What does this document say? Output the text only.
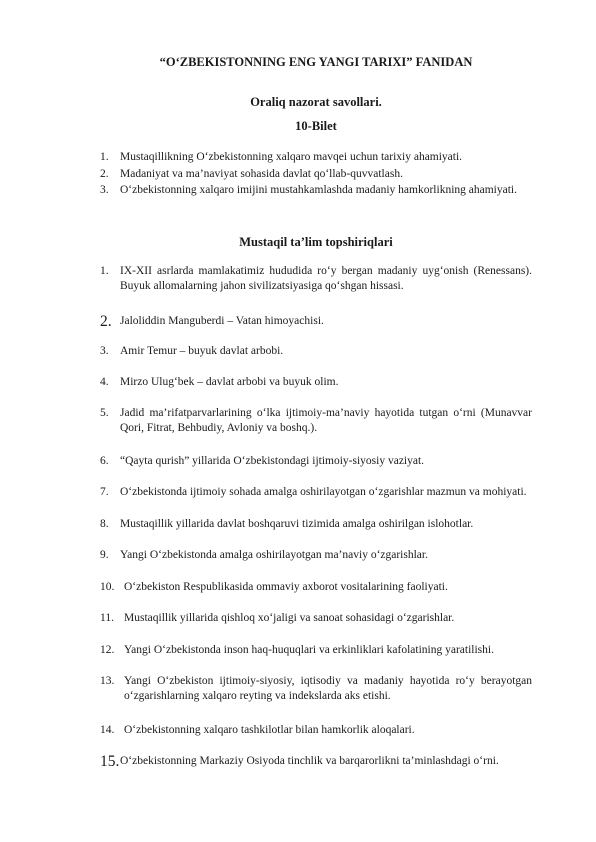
“O‘ZBEKISTONNING ENG YANGI TARIXI” FANIDAN
Oraliq nazorat savollari.
10-Bilet
1. Mustaqillikning O‘zbekistonning xalqaro mavqei uchun tarixiy ahamiyati.
2. Madaniyat va ma’naviyat sohasida davlat qo‘llab-quvvatlash.
3. O‘zbekistonning xalqaro imijini mustahkamlashda madaniy hamkorlikning ahamiyati.
Mustaqil ta’lim topshiriqlari
1. IX-XII asrlarda mamlakatimiz hududida ro‘y bergan madaniy uyg‘onish (Renessans). Buyuk allomalarning jahon sivilizatsiyasiga qo‘shgan hissasi.
2. Jaloliddin Manguberdi – Vatan himoyachisi.
3. Amir Temur – buyuk davlat arbobi.
4. Mirzo Ulug‘bek – davlat arbobi va buyuk olim.
5. Jadid ma’rifatparvarlarining o‘lka ijtimoiy-ma’naviy hayotida tutgan o‘rni (Munavvar Qori, Fitrat, Behbudiy, Avloniy va boshq.).
6. “Qayta qurish” yillarida O‘zbekistondagi ijtimoiy-siyosiy vaziyat.
7. O‘zbekistonda ijtimoiy sohada amalga oshirilayotgan o‘zgarishlar mazmun va mohiyati.
8. Mustaqillik yillarida davlat boshqaruvi tizimida amalga oshirilgan islohotlar.
9. Yangi O‘zbekistonda amalga oshirilayotgan ma’naviy o‘zgarishlar.
10. O‘zbekiston Respublikasida ommaviy axborot vositalarining faoliyati.
11. Mustaqillik yillarida qishloq xo‘jaligi va sanoat sohasidagi o‘zgarishlar.
12. Yangi O‘zbekistonda inson haq-huquqlari va erkinliklari kafolatining yaratilishi.
13. Yangi O‘zbekiston ijtimoiy-siyosiy, iqtisodiy va madaniy hayotida ro‘y berayotgan o‘zgarishlarning xalqaro reyting va indekslarda aks etishi.
14. O‘zbekistonning xalqaro tashkilotlar bilan hamkorlik aloqalari.
15. O‘zbekistonning Markaziy Osiyoda tinchlik va barqarorlikni ta’minlashdagi o‘rni.
